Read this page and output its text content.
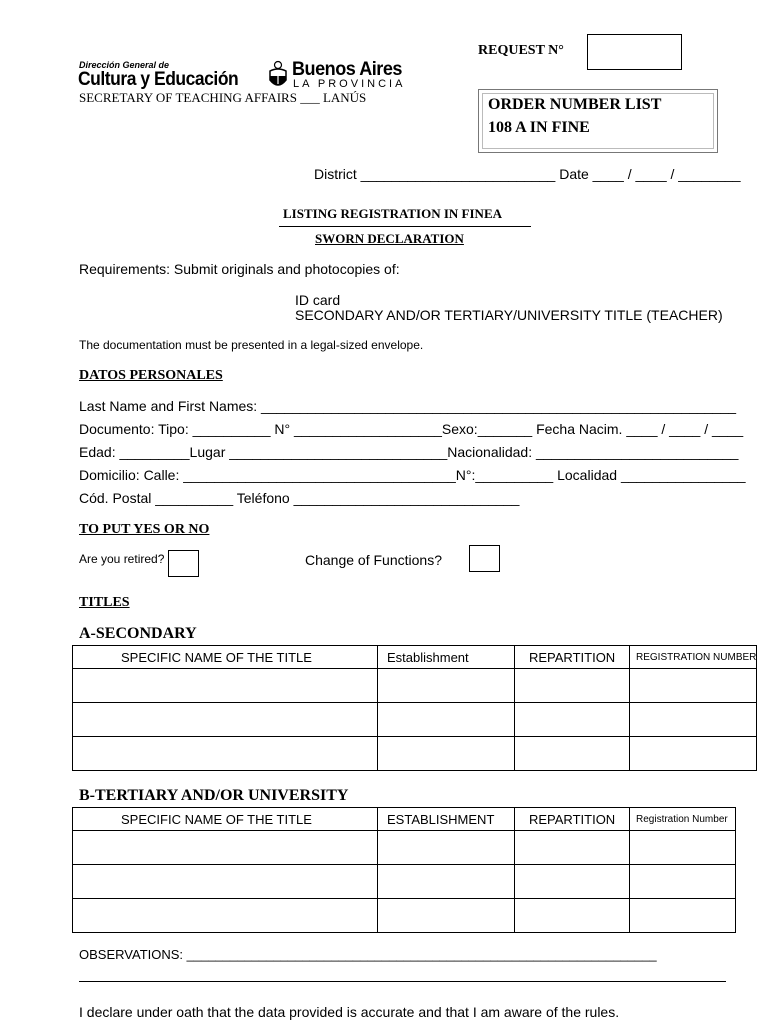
Dirección General de
Cultura y Educación	Buenos Aires
LA PROVINCIA
SECRETARY OF TEACHING AFFAIRS ___ LANÚS
REQUEST N°
ORDER NUMBER LIST
108 A IN FINE
District _________________________ Date ____ / ____ / ________
LISTING REGISTRATION IN FINEA
SWORN DECLARATION
Requirements: Submit originals and photocopies of:
ID card
SECONDARY AND/OR TERTIARY/UNIVERSITY TITLE (TEACHER)
The documentation must be presented in a legal-sized envelope.
DATOS PERSONALES
Last Name and First Names: _____________________________________________________________
Documento: Tipo: __________ N° ___________________Sexo:_______ Fecha Nacim. ____ / ____ / ____
Edad: _________Lugar ____________________________Nacionalidad: __________________________
Domicilio: Calle: ___________________________________N°:__________ Localidad ________________
Cód. Postal __________ Teléfono _____________________________
TO PUT YES OR NO
Are you retired?	Change of Functions?
TITLES
A-SECONDARY
SPECIFIC NAME OF THE TITLE	Establishment	REPARTITION	REGISTRATION NUMBER

B-TERTIARY AND/OR UNIVERSITY
SPECIFIC NAME OF THE TITLE	ESTABLISHMENT	REPARTITION	Registration Number

OBSERVATIONS: _________________________________________________________________
I declare under oath that the data provided is accurate and that I am aware of the rules.
